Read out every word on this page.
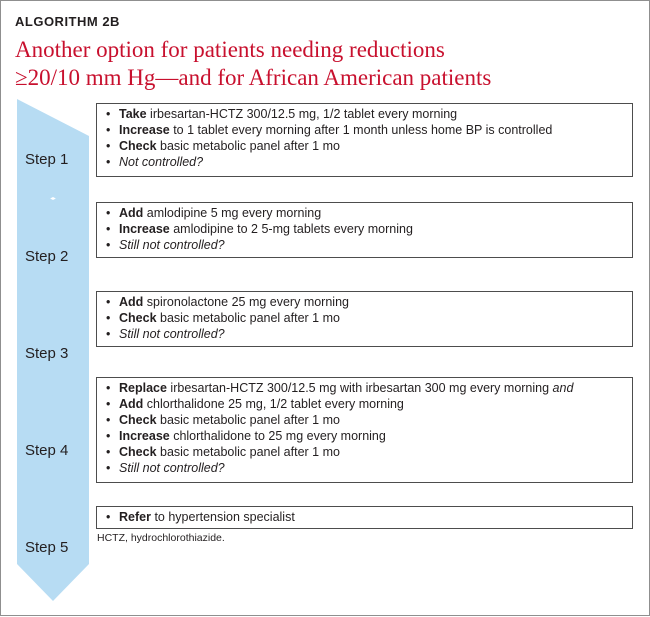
ALGORITHM 2B
Another option for patients needing reductions
≥20/10 mm Hg—and for African American patients
Step 1
Step 2
Step 3
Step 4
Step 5
• Take irbesartan-HCTZ 300/12.5 mg, 1/2 tablet every morning
• Increase to 1 tablet every morning after 1 month unless home BP is controlled
• Check basic metabolic panel after 1 mo
• Not controlled?
• Add amlodipine 5 mg every morning
• Increase amlodipine to 2 5-mg tablets every morning
• Still not controlled?
• Add spironolactone 25 mg every morning
• Check basic metabolic panel after 1 mo
• Still not controlled?
• Replace irbesartan-HCTZ 300/12.5 mg with irbesartan 300 mg every morning and
• Add chlorthalidone 25 mg, 1/2 tablet every morning
• Check basic metabolic panel after 1 mo
• Increase chlorthalidone to 25 mg every morning
• Check basic metabolic panel after 1 mo
• Still not controlled?
• Refer to hypertension specialist
HCTZ, hydrochlorothiazide.
